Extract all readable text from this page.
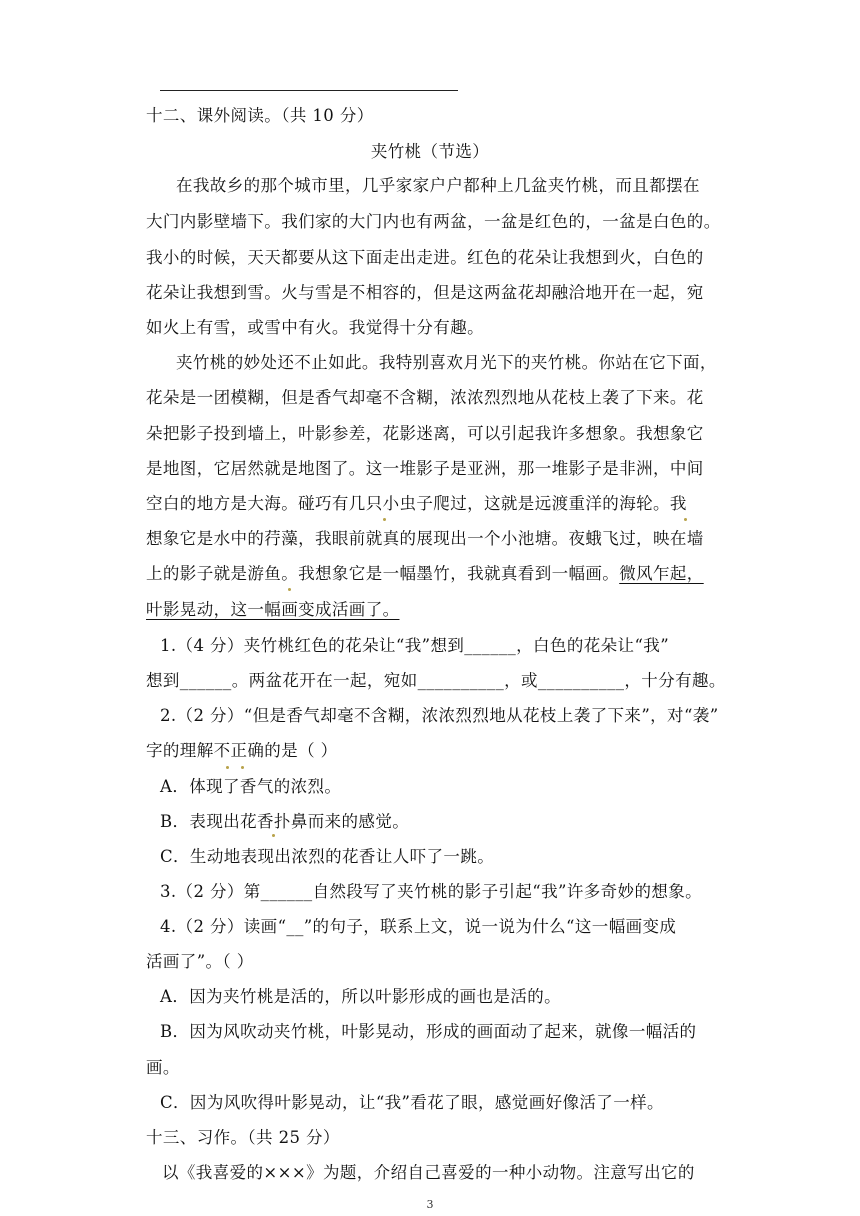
十二、课外阅读。（共 10 分）
夹竹桃（节选）
在我故乡的那个城市里，几乎家家户户都种上几盆夹竹桃，而且都摆在
大门内影壁墙下。我们家的大门内也有两盆，一盆是红色的，一盆是白色的。
我小的时候，天天都要从这下面走出走进。红色的花朵让我想到火，白色的
花朵让我想到雪。火与雪是不相容的，但是这两盆花却融洽地开在一起，宛
如火上有雪，或雪中有火。我觉得十分有趣。
夹竹桃的妙处还不止如此。我特别喜欢月光下的夹竹桃。你站在它下面，
花朵是一团模糊，但是香气却毫不含糊，浓浓烈烈地从花枝上袭了下来。花
朵把影子投到墙上，叶影参差，花影迷离，可以引起我许多想象。我想象它
是地图，它居然就是地图了。这一堆影子是亚洲，那一堆影子是非洲，中间
空白的地方是大海。碰巧有几只小虫子爬过，这就是远渡重洋的海轮。我
想象它是水中的荇藻，我眼前就真的展现出一个小池塘。夜蛾飞过，映在墙
上的影子就是游鱼。我想象它是一幅墨竹，我就真看到一幅画。微风乍起，
叶影晃动，这一幅画变成活画了。
1.（4 分）夹竹桃红色的花朵让“我”想到______，白色的花朵让“我”
想到______。两盆花开在一起，宛如__________，或__________，十分有趣。
2.（2 分）“但是香气却毫不含糊，浓浓烈烈地从花枝上袭了下来”，对“袭”
字的理解不正确的是（ ）
A．体现了香气的浓烈。
B．表现出花香扑鼻而来的感觉。
C．生动地表现出浓烈的花香让人吓了一跳。
3.（2 分）第______自然段写了夹竹桃的影子引起“我”许多奇妙的想象。
4.（2 分）读画“__”的句子，联系上文，说一说为什么“这一幅画变成
活画了”。（ ）
A．因为夹竹桃是活的，所以叶影形成的画也是活的。
B．因为风吹动夹竹桃，叶影晃动，形成的画面动了起来，就像一幅活的
画。
C．因为风吹得叶影晃动，让“我”看花了眼，感觉画好像活了一样。
十三、习作。（共 25 分）
以《我喜爱的×××》为题，介绍自己喜爱的一种小动物。注意写出它的
3
